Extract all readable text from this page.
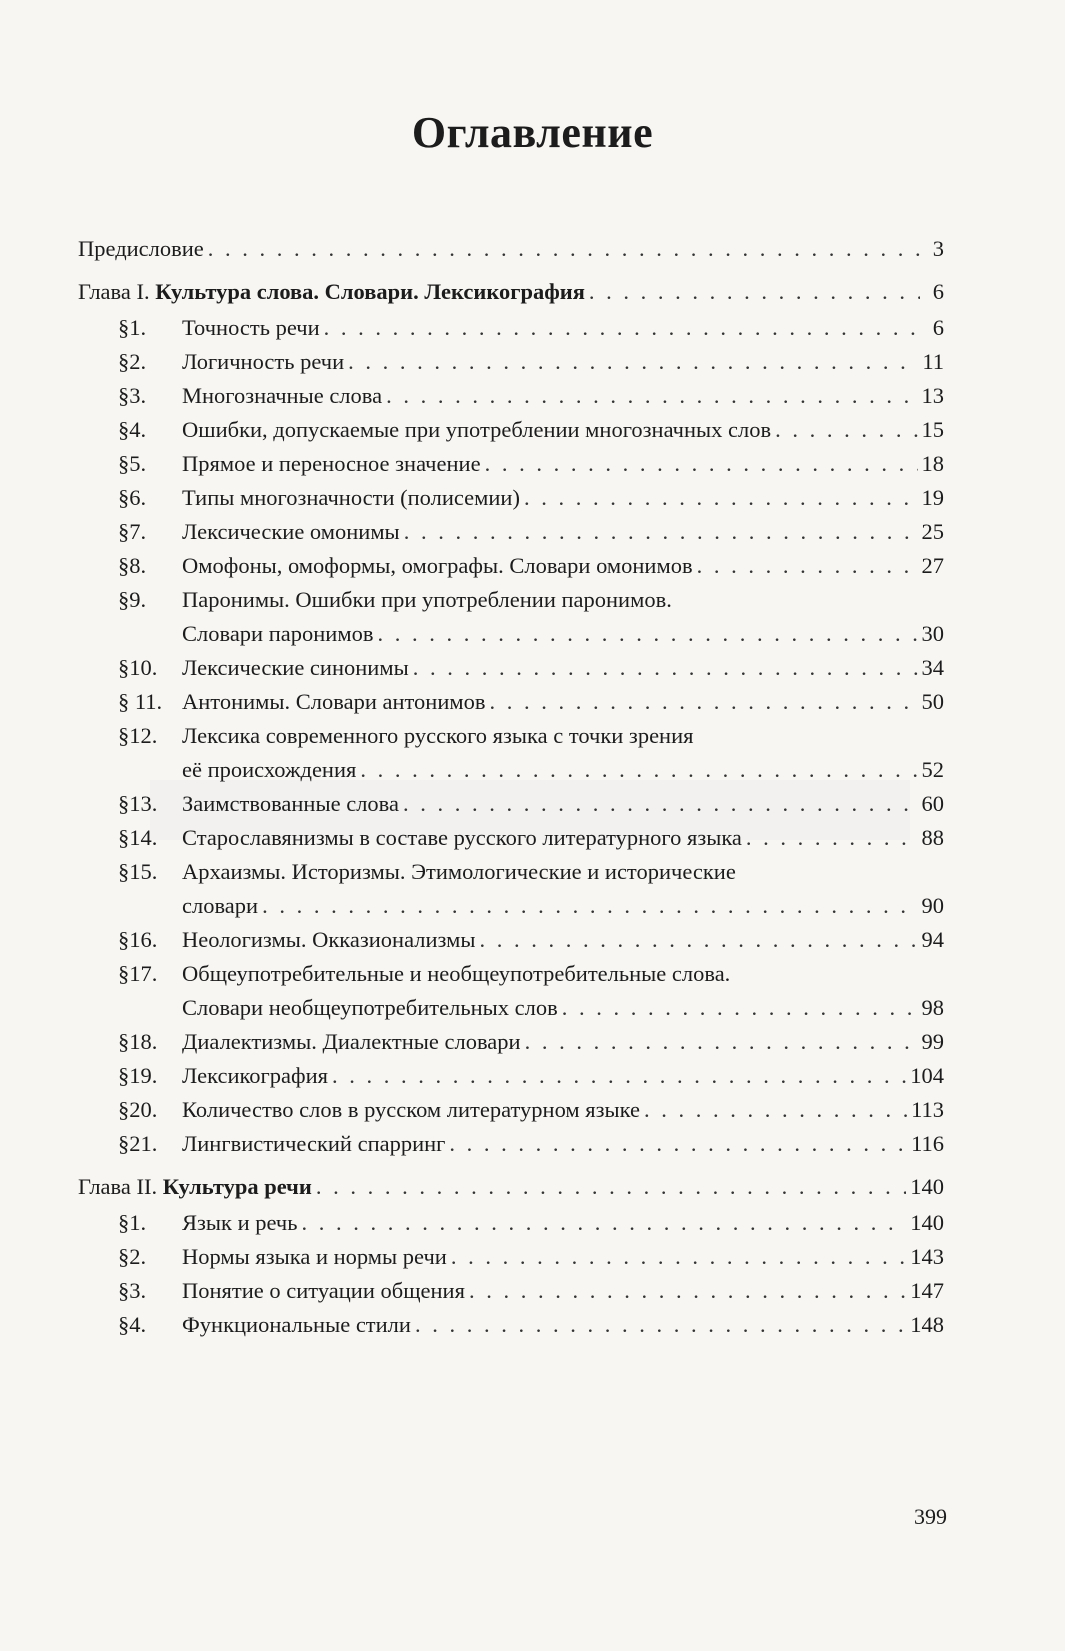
Оглавление
Предисловие . . .	3
Глава I. Культура слова. Словари. Лексикография . . .	6
§1.	Точность речи . . .	6
§2.	Логичность речи . . .	11
§3.	Многозначные слова . . .	13
§4.	Ошибки, допускаемые при употреблении многозначных слов . . .	15
§5.	Прямое и переносное значение . . .	18
§6.	Типы многозначности (полисемии) . . .	19
§7.	Лексические омонимы . . .	25
§8.	Омофоны, омоформы, омографы. Словари омонимов . . .	27
§9.	Паронимы. Ошибки при употреблении паронимов.
Словари паронимов . . .	30
§10.	Лексические синонимы . . .	34
§ 11. Антонимы. Словари антонимов . . .	50
§12.	Лексика современного русского языка с точки зрения
её происхождения . . .	52
§13.	Заимствованные слова . . .	60
§14.	Старославянизмы в составе русского литературного языка . . .	88
§15.	Архаизмы. Историзмы. Этимологические и исторические
словари . . .	90
§16.	Неологизмы. Окказионализмы . . .	94
§17.	Общеупотребительные и необщеупотребительные слова.
Словари необщеупотребительных слов . . .	98
§18.	Диалектизмы. Диалектные словари . . .	99
§19.	Лексикография . . .	104
§20.	Количество слов в русском литературном языке . . .	113
§21.	Лингвистический спарринг . . .	116
Глава II. Культура речи . . .	140
§1.	Язык и речь . . .	140
§2.	Нормы языка и нормы речи . . .	143
§3.	Понятие о ситуации общения . . .	147
§4.	Функциональные стили . . .	148
399
